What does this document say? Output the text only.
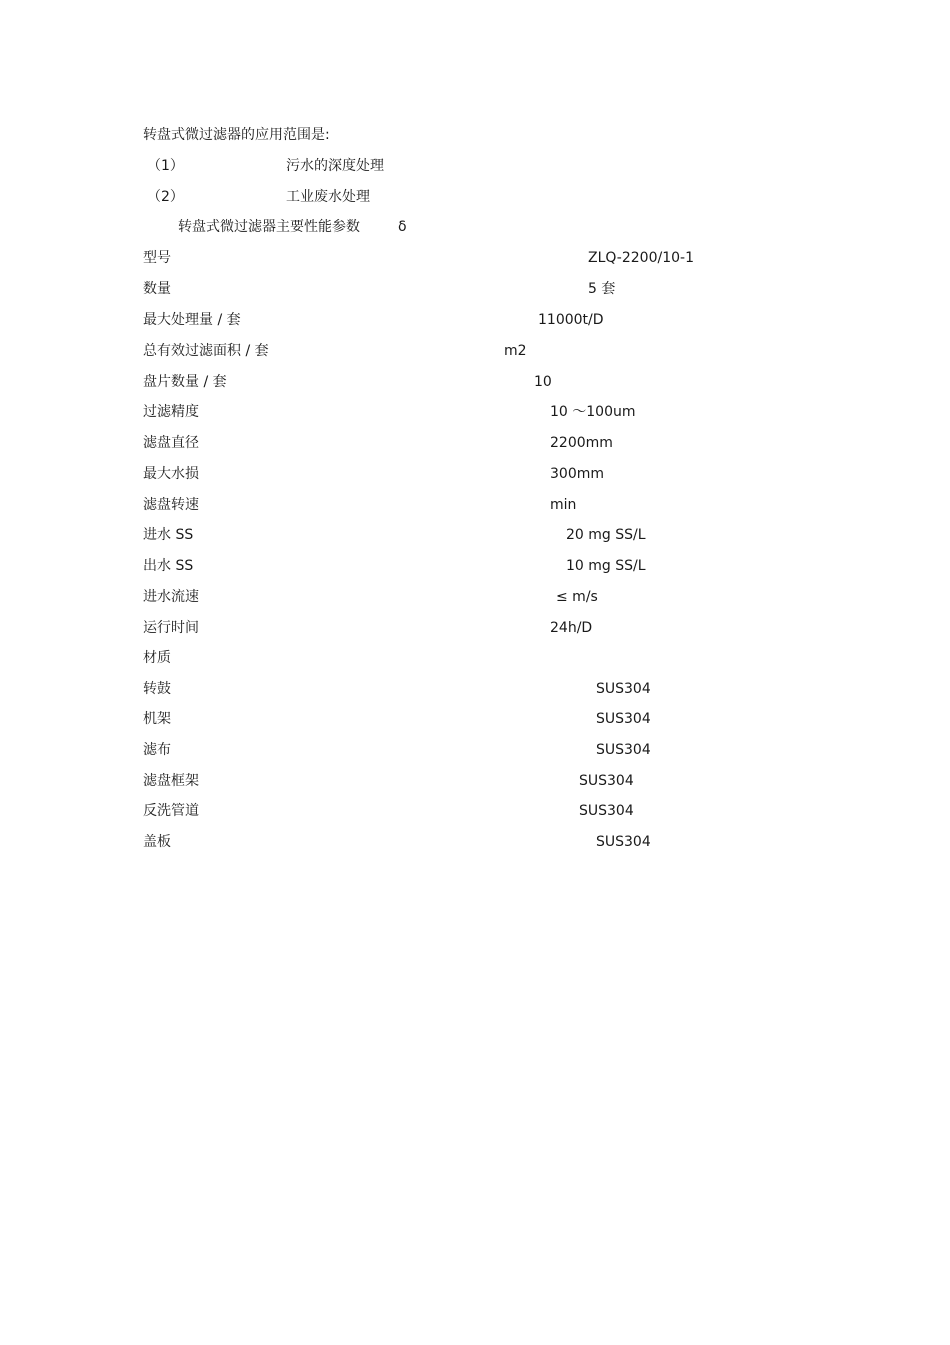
转盘式微过滤器的应用范围是:
（1）	污水的深度处理
（2）	工业废水处理
转盘式微过滤器主要性能参数	δ
型号	ZLQ-2200/10-1
数量	5 套
最大处理量 / 套	11000t/D
总有效过滤面积 / 套	m2
盘片数量 / 套	10
过滤精度	10 ～100um
滤盘直径	2200mm
最大水损	300mm
滤盘转速	min
进水 SS	20 mg SS/L
出水 SS	10 mg SS/L
进水流速	≤ m/s
运行时间	24h/D
材质
转鼓	SUS304
机架	SUS304
滤布	SUS304
滤盘框架	SUS304
反洗管道	SUS304
盖板	SUS304
